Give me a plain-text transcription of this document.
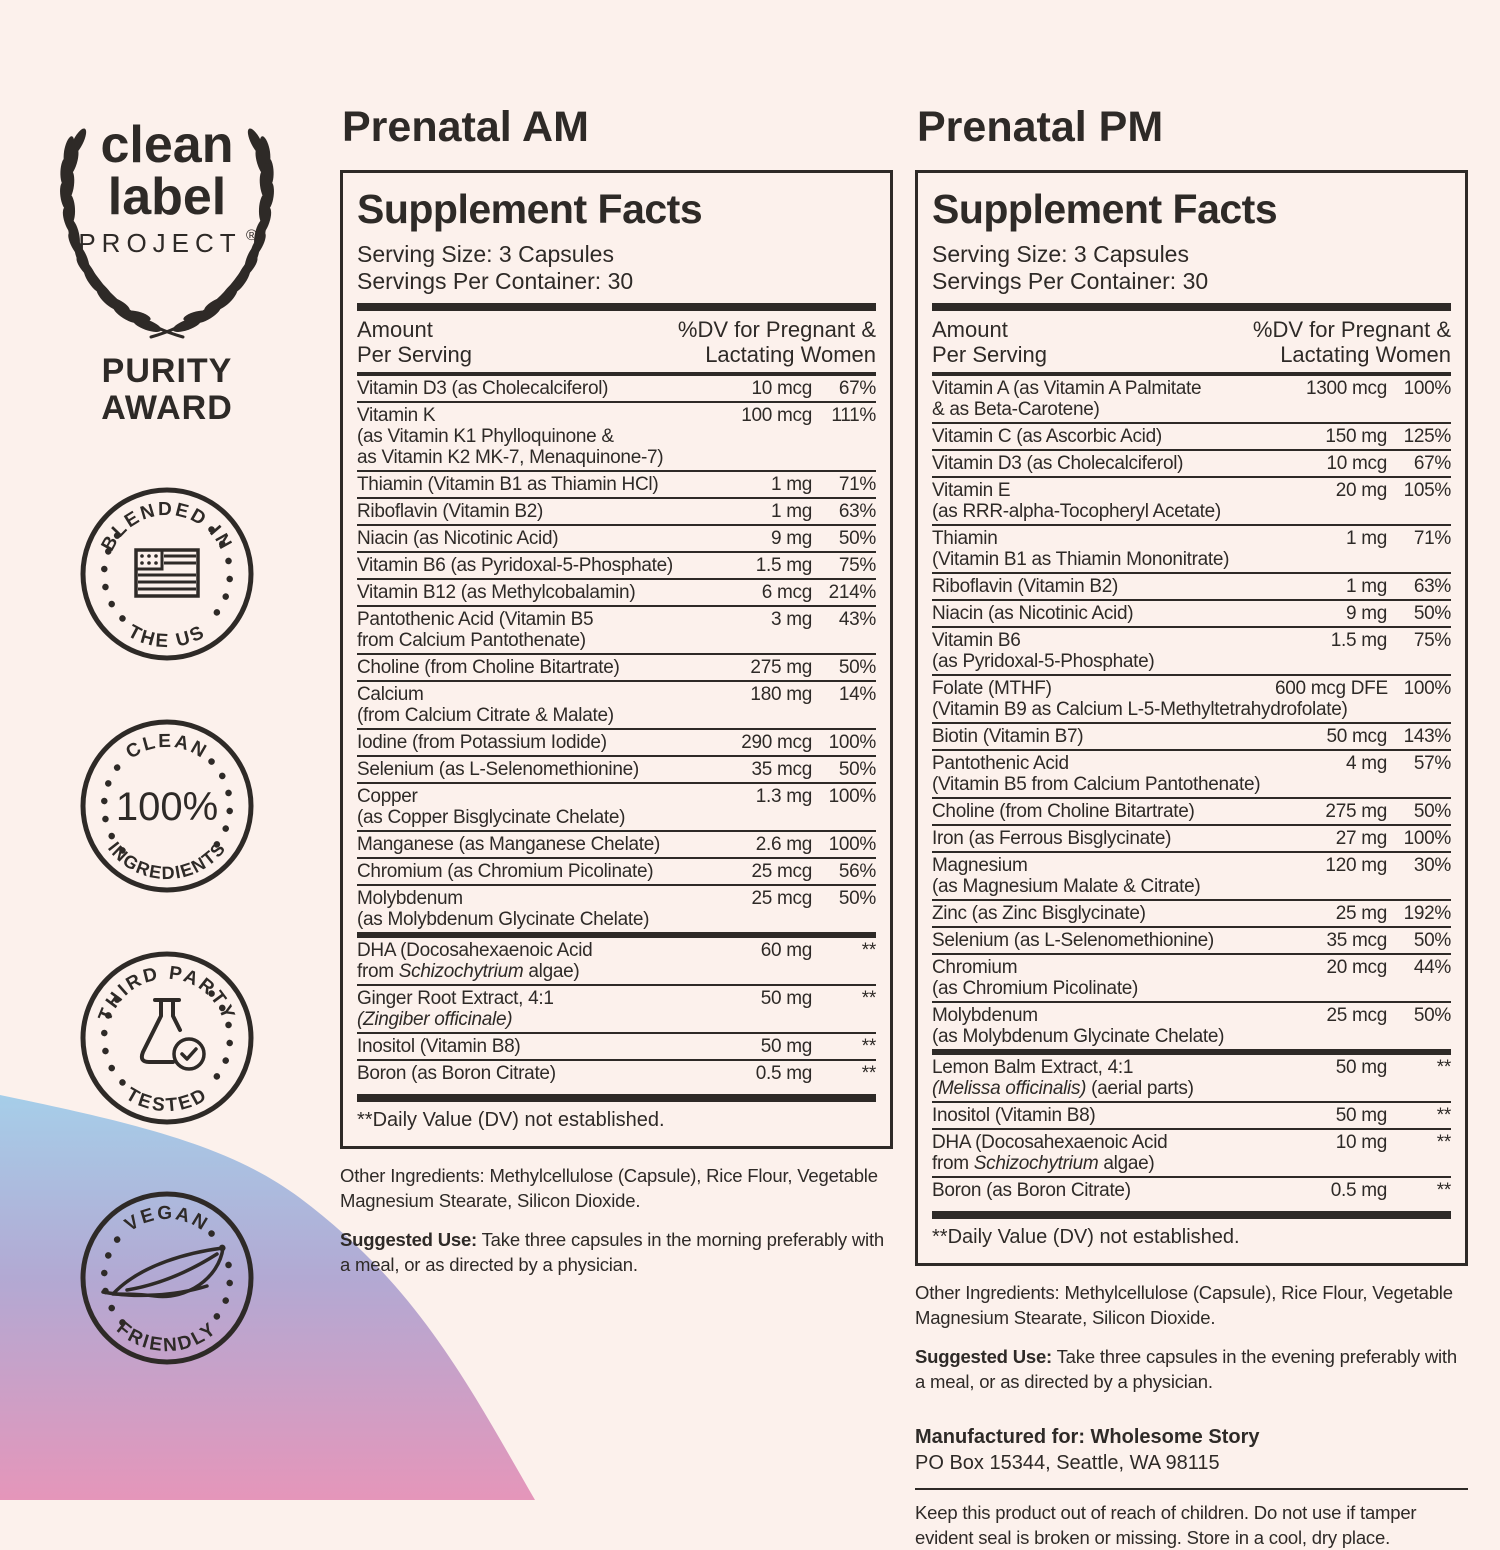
clean
label
PROJECT ®
PURITY
AWARD
BLENDED IN
THE US
CLEAN
INGREDIENTS
100%
THIRD PARTY
TESTED
VEGAN
FRIENDLY
Prenatal AM
Supplement Facts
Serving Size: 3 Capsules
Servings Per Container: 30
Amount
Per Serving
%DV for Pregnant &
Lactating Women
Vitamin D3 (as Cholecalciferol)	10 mcg	67%
Vitamin K
(as Vitamin K1 Phylloquinone &
as Vitamin K2 MK-7, Menaquinone-7)
100 mcg	111%
Thiamin (Vitamin B1 as Thiamin HCl)	1 mg	71%
Riboflavin (Vitamin B2)	1 mg	63%
Niacin (as Nicotinic Acid)	9 mg	50%
Vitamin B6 (as Pyridoxal-5-Phosphate)	1.5 mg	75%
Vitamin B12 (as Methylcobalamin)	6 mcg 214%
Pantothenic Acid (Vitamin B5
from Calcium Pantothenate)
3 mg	43%
Choline (from Choline Bitartrate)	275 mg	50%
Calcium
(from Calcium Citrate & Malate)
180 mg	14%
Iodine (from Potassium Iodide)	290 mcg 100%
Selenium (as L-Selenomethionine)	35 mcg	50%
Copper
(as Copper Bisglycinate Chelate)
1.3 mg 100%
Manganese (as Manganese Chelate)	2.6 mg 100%
Chromium (as Chromium Picolinate)	25 mcg	56%
Molybdenum
(as Molybdenum Glycinate Chelate)
25 mcg	50%
DHA (Docosahexaenoic Acid
from Schizochytrium algae)
60 mg	**
Ginger Root Extract, 4:1
(Zingiber officinale)
50 mg	**
Inositol (Vitamin B8)	50 mg	**
Boron (as Boron Citrate)	0.5 mg	**
**Daily Value (DV) not established.

Other Ingredients: Methylcellulose (Capsule), Rice Flour, Vegetable Magnesium Stearate, Silicon Dioxide.

Suggested Use: Take three capsules in the morning preferably with a meal, or as directed by a physician.

Prenatal PM
Supplement Facts
Serving Size: 3 Capsules
Servings Per Container: 30
Amount
Per Serving
%DV for Pregnant &
Lactating Women
Vitamin A (as Vitamin A Palmitate
& as Beta-Carotene)
1300 mcg 100%
Vitamin C (as Ascorbic Acid)	150 mg 125%
Vitamin D3 (as Cholecalciferol)	10 mcg	67%
Vitamin E
(as RRR-alpha-Tocopheryl Acetate)
20 mg 105%
Thiamin
(Vitamin B1 as Thiamin Mononitrate)
1 mg	71%
Riboflavin (Vitamin B2)	1 mg	63%
Niacin (as Nicotinic Acid)	9 mg	50%
Vitamin B6
(as Pyridoxal-5-Phosphate)
1.5 mg	75%
Folate (MTHF)
(Vitamin B9 as Calcium L-5-Methyltetrahydrofolate)
600 mcg DFE 100%
Biotin (Vitamin B7)	50 mcg 143%
Pantothenic Acid
(Vitamin B5 from Calcium Pantothenate)
4 mg	57%
Choline (from Choline Bitartrate)	275 mg	50%
Iron (as Ferrous Bisglycinate)	27 mg 100%
Magnesium
(as Magnesium Malate & Citrate)
120 mg	30%
Zinc (as Zinc Bisglycinate)	25 mg 192%
Selenium (as L-Selenomethionine)	35 mcg	50%
Chromium
(as Chromium Picolinate)
20 mcg	44%
Molybdenum
(as Molybdenum Glycinate Chelate)
25 mcg	50%
Lemon Balm Extract, 4:1
(Melissa officinalis) (aerial parts)
50 mg	**
Inositol (Vitamin B8)	50 mg	**
DHA (Docosahexaenoic Acid
from Schizochytrium algae)
10 mg	**
Boron (as Boron Citrate)	0.5 mg	**
**Daily Value (DV) not established.

Other Ingredients: Methylcellulose (Capsule), Rice Flour, Vegetable Magnesium Stearate, Silicon Dioxide.

Suggested Use: Take three capsules in the evening preferably with a meal, or as directed by a physician.

Manufactured for: Wholesome Story
PO Box 15344, Seattle, WA 98115
Keep this product out of reach of children. Do not use if tamper evident seal is broken or missing. Store in a cool, dry place.
